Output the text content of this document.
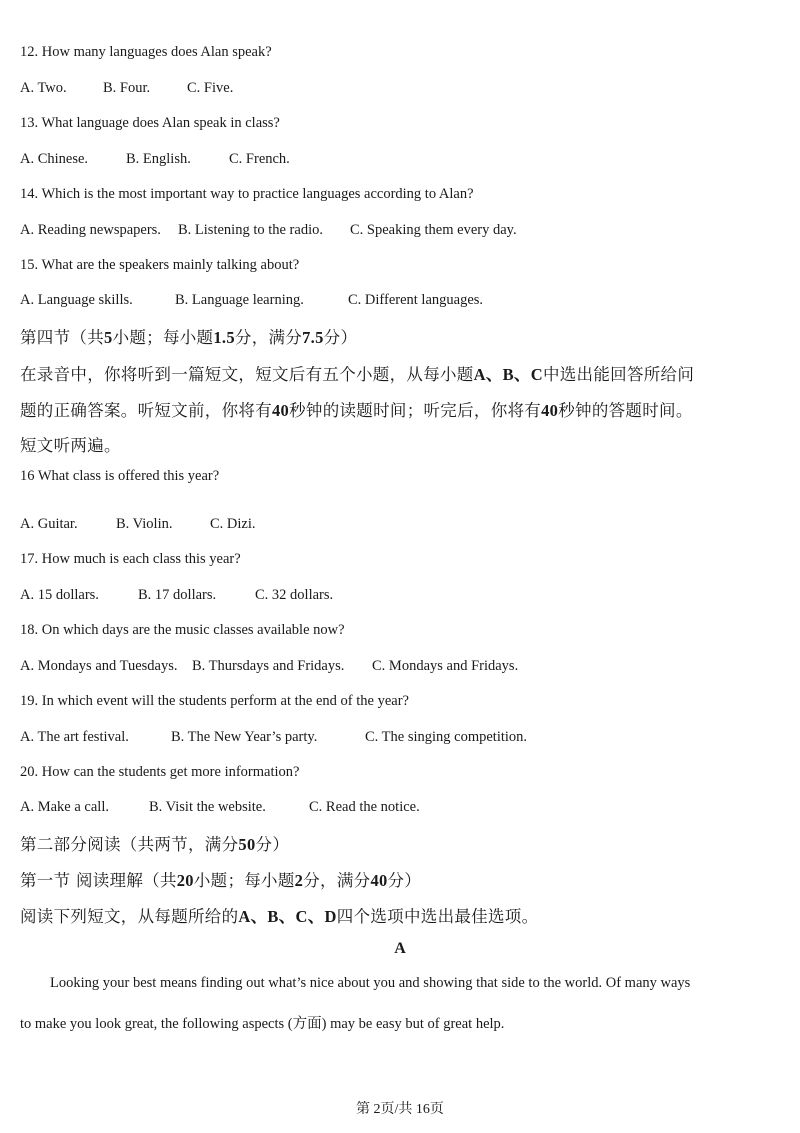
12. How many languages does Alan speak?
A. Two.	B. Four.	C. Five.
13. What language does Alan speak in class?
A. Chinese.	B. English.	C. French.
14. Which is the most important way to practice languages according to Alan?
A. Reading newspapers. B. Listening to the radio. C. Speaking them every day.
15. What are the speakers mainly talking about?
A. Language skills.	B. Language learning.	C. Different languages.
第四节（共5小题；每小题1.5分，满分7.5分）
在录音中，你将听到一篇短文，短文后有五个小题，从每小题A、B、C中选出能回答所给问
题的正确答案。听短文前，你将有40秒钟的读题时间；听完后，你将有40秒钟的答题时间。
短文听两遍。
16 What class is offered this year?
A. Guitar.	B. Violin.	C. Dizi.
17. How much is each class this year?
A. 15 dollars.	B. 17 dollars.	C. 32 dollars.
18. On which days are the music classes available now?
A. Mondays and Tuesdays. B. Thursdays and Fridays. C. Mondays and Fridays.
19. In which event will the students perform at the end of the year?
A. The art festival.	B. The New Year’s party.	C. The singing competition.
20. How can the students get more information?
A. Make a call.	B. Visit the website.	C. Read the notice.
第二部分阅读（共两节，满分50分）
第一节 阅读理解（共20小题；每小题2分，满分40分）
阅读下列短文，从每题所给的A、B、C、D四个选项中选出最佳选项。
A
Looking your best means finding out what’s nice about you and showing that side to the world. Of many ways
to make you look great, the following aspects (方面) may be easy but of great help.
第 2页/共 16页
